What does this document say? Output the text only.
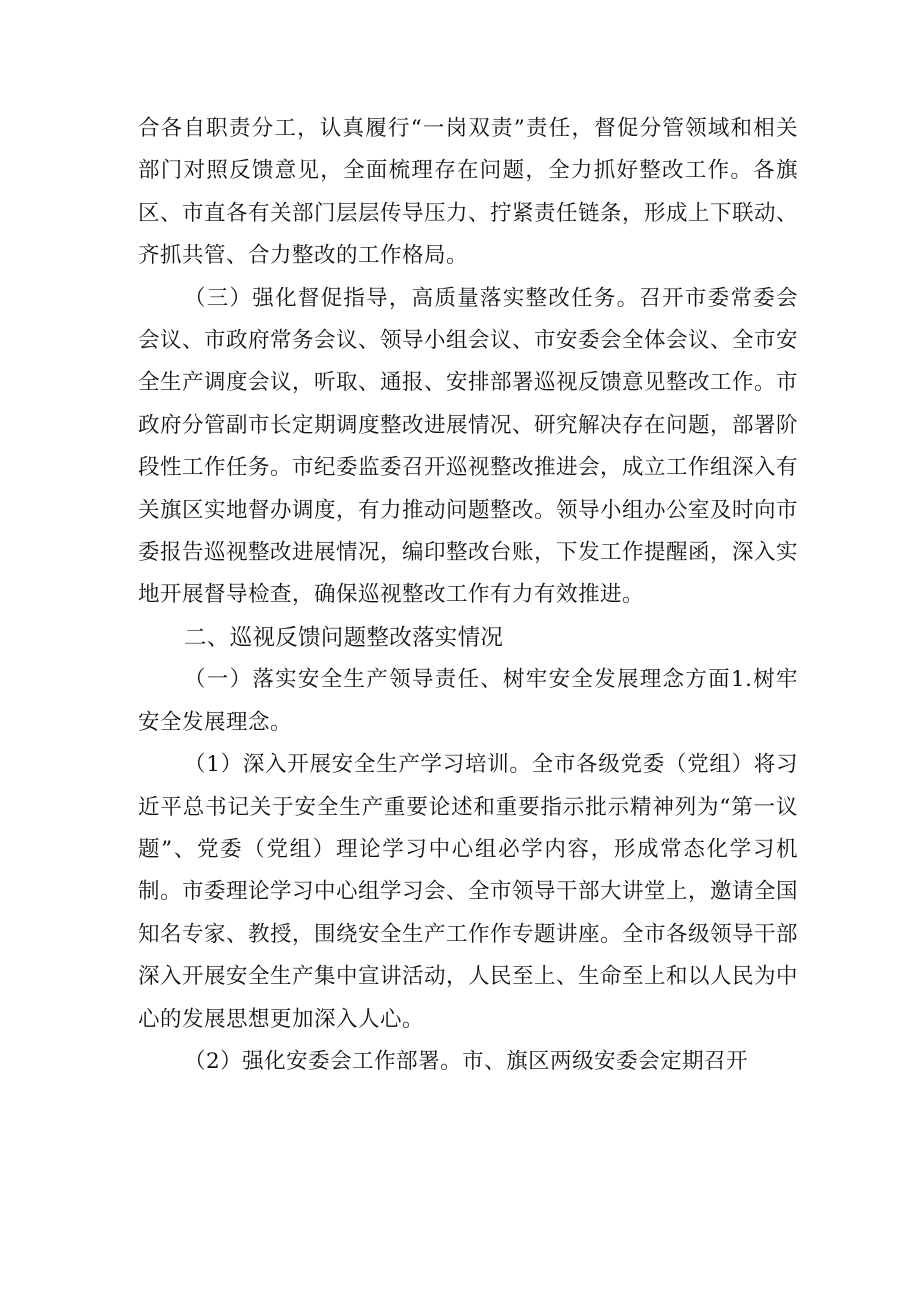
合各自职责分工，认真履行“一岗双责”责任，督促分管领域和相关部门对照反馈意见，全面梳理存在问题，全力抓好整改工作。各旗区、市直各有关部门层层传导压力、拧紧责任链条，形成上下联动、齐抓共管、合力整改的工作格局。

（三）强化督促指导，高质量落实整改任务。召开市委常委会会议、市政府常务会议、领导小组会议、市安委会全体会议、全市安全生产调度会议，听取、通报、安排部署巡视反馈意见整改工作。市政府分管副市长定期调度整改进展情况、研究解决存在问题，部署阶段性工作任务。市纪委监委召开巡视整改推进会，成立工作组深入有关旗区实地督办调度，有力推动问题整改。领导小组办公室及时向市委报告巡视整改进展情况，编印整改台账，下发工作提醒函，深入实地开展督导检查，确保巡视整改工作有力有效推进。

二、巡视反馈问题整改落实情况

（一）落实安全生产领导责任、树牢安全发展理念方面1.树牢安全发展理念。

（1）深入开展安全生产学习培训。全市各级党委（党组）将习近平总书记关于安全生产重要论述和重要指示批示精神列为“第一议题”、党委（党组）理论学习中心组必学内容，形成常态化学习机制。市委理论学习中心组学习会、全市领导干部大讲堂上，邀请全国知名专家、教授，围绕安全生产工作作专题讲座。全市各级领导干部深入开展安全生产集中宣讲活动，人民至上、生命至上和以人民为中心的发展思想更加深入人心。

（2）强化安委会工作部署。市、旗区两级安委会定期召开
